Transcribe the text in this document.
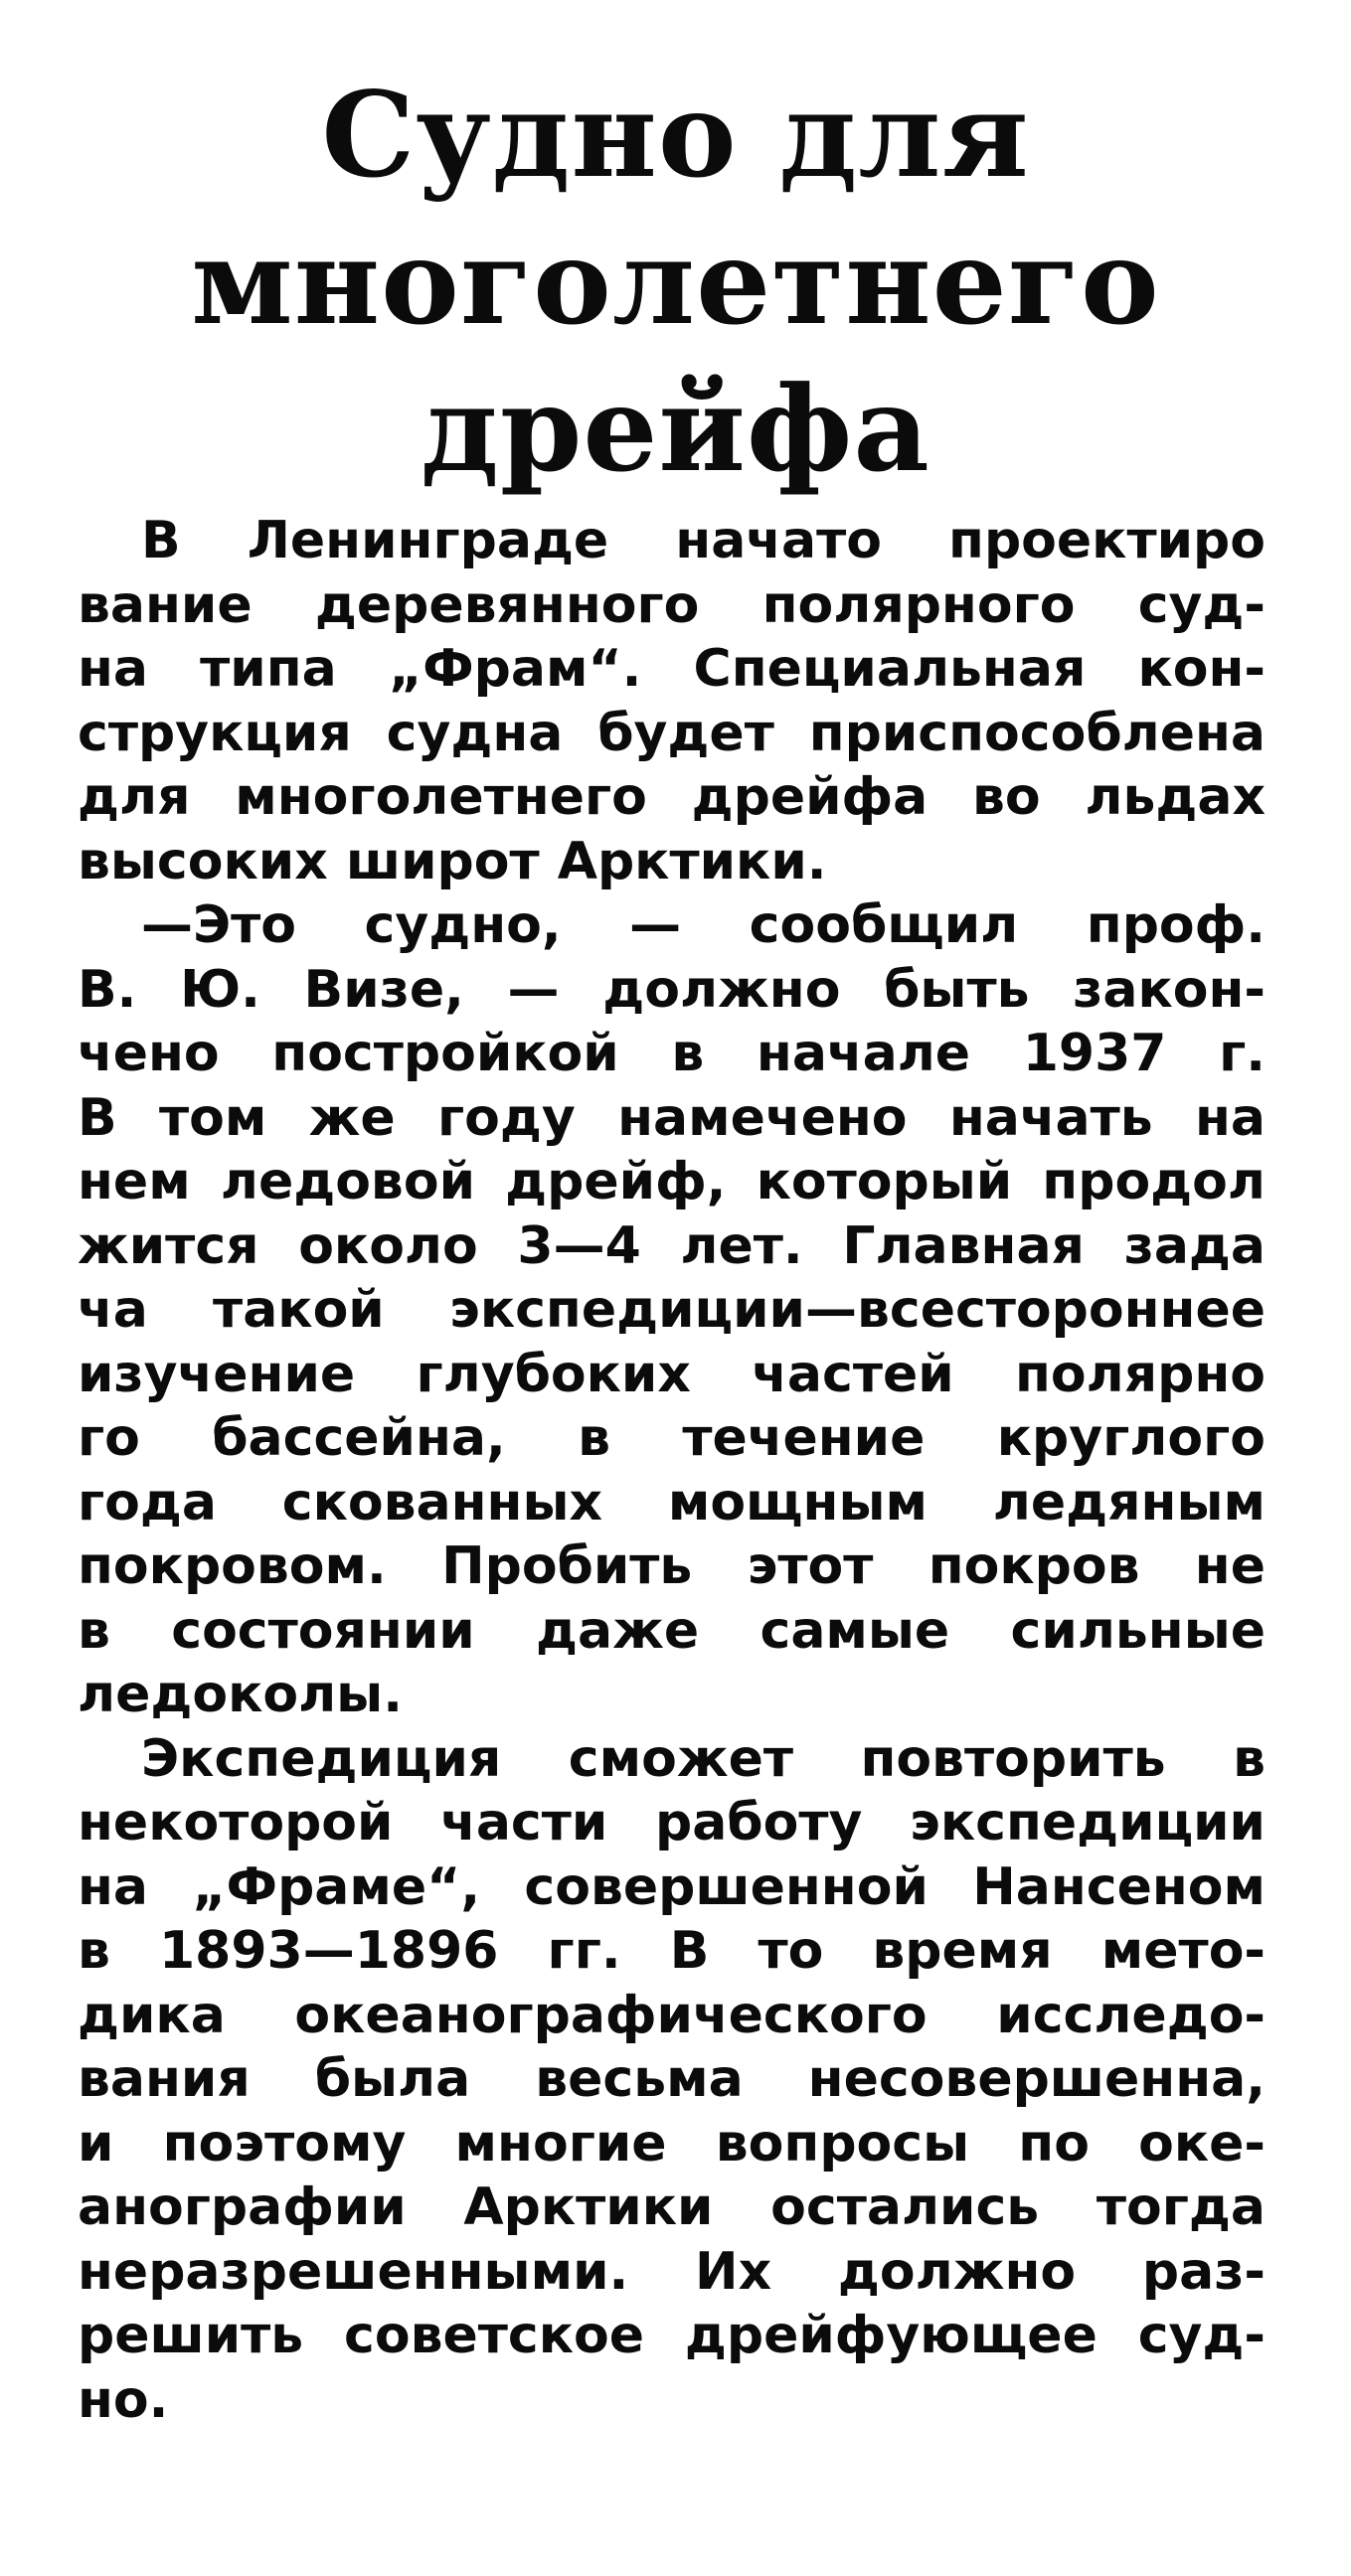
Судно для
многолетнего
дрейфа
В Ленинграде начато проектиро
вание деревянного полярного суд-
на типа „Фрам“. Специальная кон-
струкция судна будет приспособлена
для многолетнего дрейфа во льдах
высоких широт Арктики.
—Это судно, — сообщил проф.
В. Ю. Визе, — должно быть закон-
чено постройкой в начале 1937 г.
В том же году намечено начать на
нем ледовой дрейф, который продол
жится около 3—4 лет. Главная зада
ча такой экспедиции—всестороннее
изучение глубоких частей полярно
го бассейна, в течение круглого
года скованных мощным ледяным
покровом. Пробить этот покров не
в состоянии даже самые сильные
ледоколы.
Экспедиция сможет повторить в
некоторой части работу экспедиции
на „Фраме“, совершенной Нансеном
в 1893—1896 гг. В то время мето-
дика океанографического исследо-
вания была весьма несовершенна,
и поэтому многие вопросы по оке-
анографии Арктики остались тогда
неразрешенными. Их должно раз-
решить советское дрейфующее суд-
но.
